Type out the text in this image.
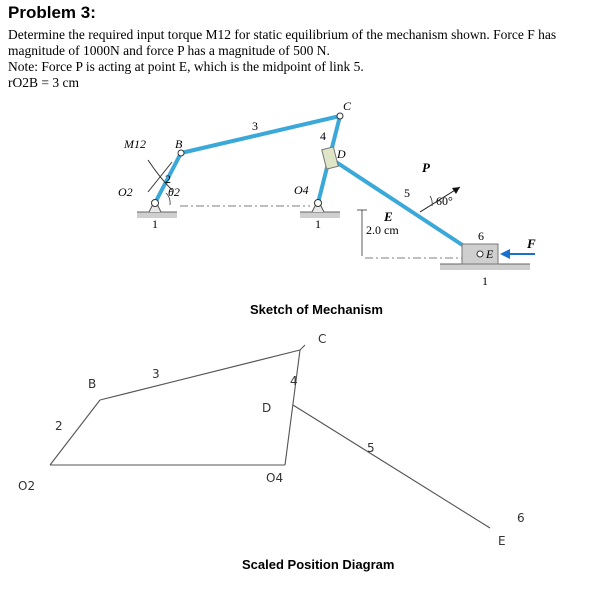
Problem 3:
Determine the required input torque M12 for static equilibrium of the mechanism shown. Force F has
magnitude of 1000N and force P has a magnitude of 500 N.
Note: Force P is acting at point E, which is the midpoint of link 5.
rO2B = 3 cm
M12 B
O2	θ2
2
1
3
C
4
D
O4
1	E
2.0 cm
5
P
60°
6
E
F
1
Sketch of Mechanism
O2
2
B
3
C
4
D
O4
5
6
E
Scaled Position Diagram
